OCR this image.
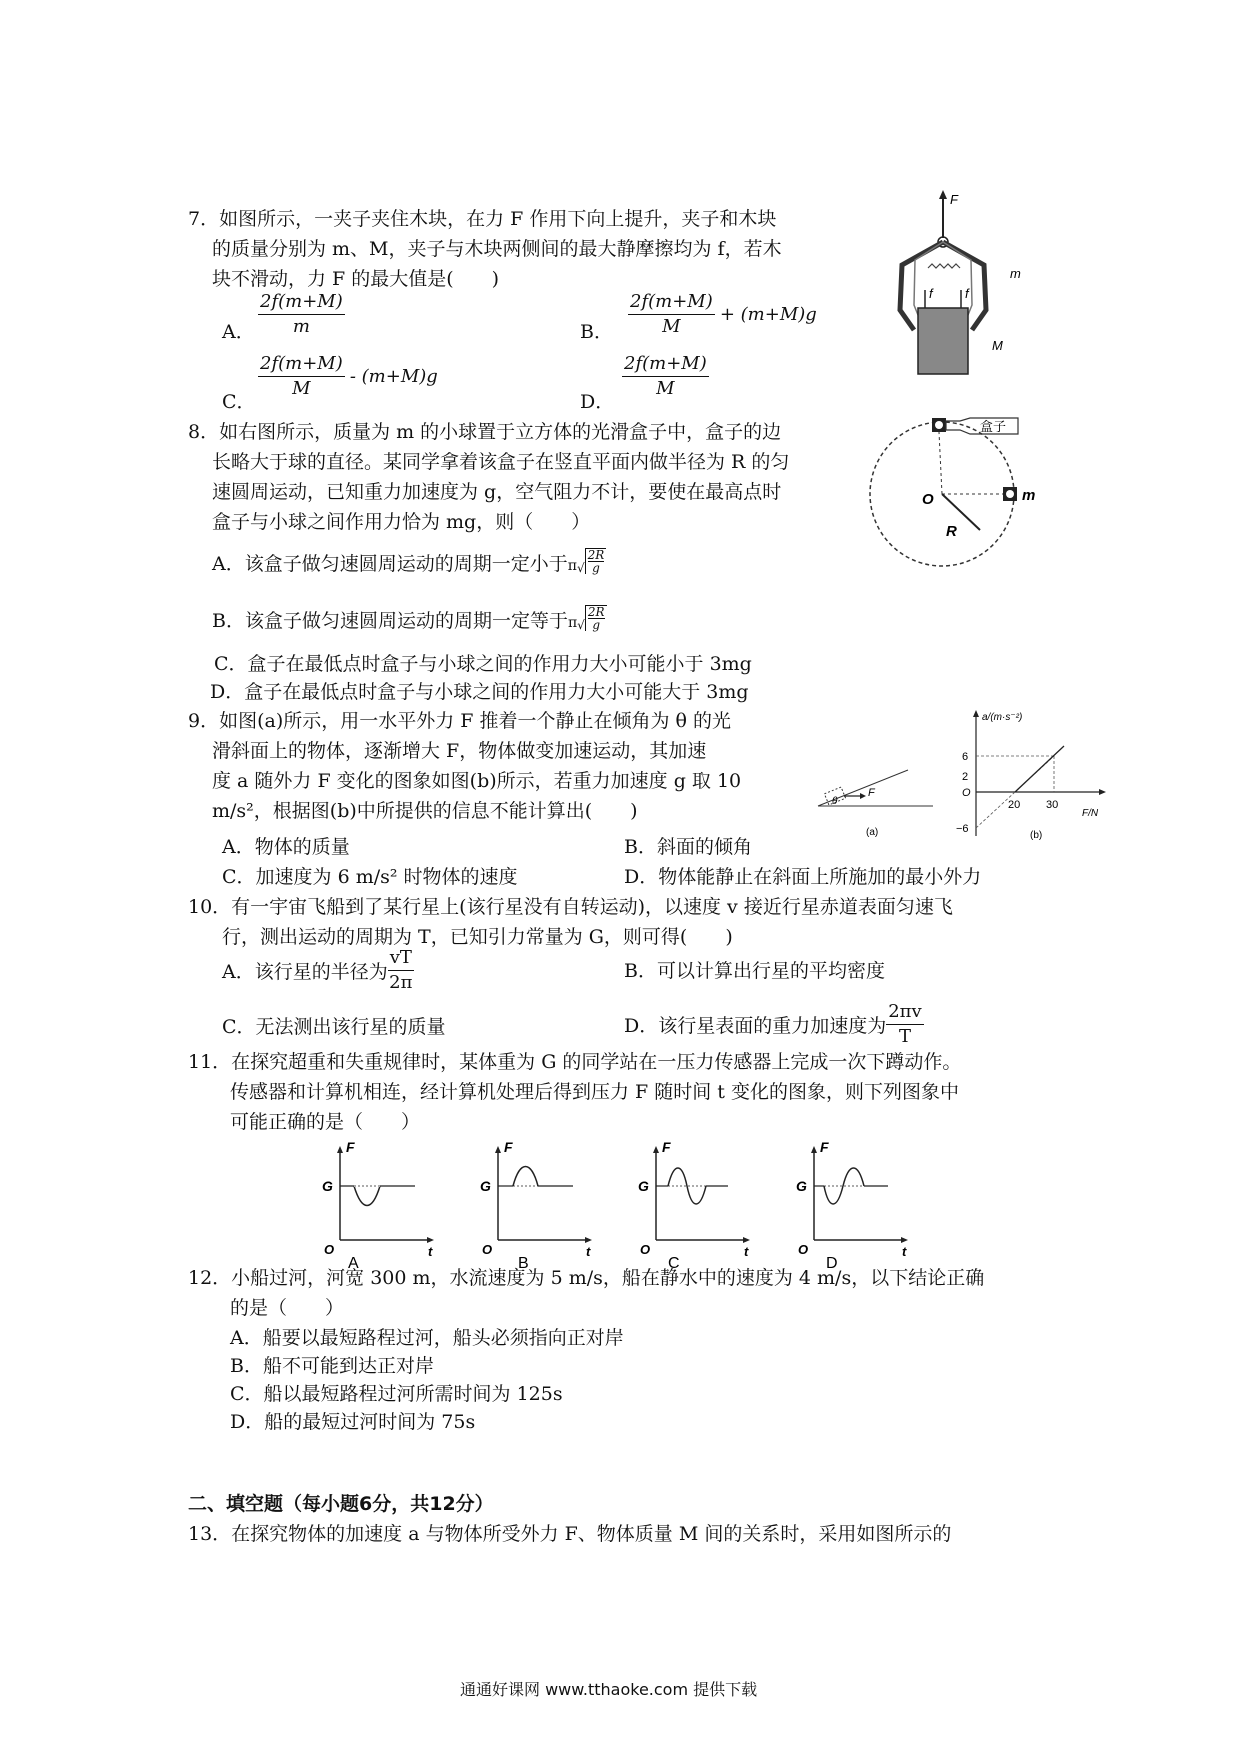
7．如图所示，一夹子夹住木块，在力 F 作用下向上提升，夹子和木块
的质量分别为 m、M，夹子与木块两侧间的最大静摩擦均为 f，若木
块不滑动，力 F 的最大值是(　　)
A． $\frac{2f(m+M)}{m}$	B． $\frac{2f(m+M)}{M} + (m+M)g$
C．
$\frac{2f(m+M)}{M} - (m+M)g$
D．
$\frac{2f(m+M)}{M}$
F
f f
m
M
8．如右图所示，质量为 m 的小球置于立方体的光滑盒子中，盒子的边
长略大于球的直径。某同学拿着该盒子在竖直平面内做半径为 R 的匀
速圆周运动，已知重力加速度为 g，空气阻力不计，要使在最高点时
盒子与小球之间作用力恰为 mg，则（　　）
A．该盒子做匀速圆周运动的周期一定小于$\pi√ \frac{2R}{g}$
B．该盒子做匀速圆周运动的周期一定等于$\pi√ \frac{2R}{g}$
C．盒子在最低点时盒子与小球之间的作用力大小可能小于 3mg
D．盒子在最低点时盒子与小球之间的作用力大小可能大于 3mg
盒子
m
O
R
9．如图(a)所示，用一水平外力 F 推着一个静止在倾角为 θ 的光
滑斜面上的物体，逐渐增大 F，物体做变加速运动，其加速
度 a 随外力 F 变化的图象如图(b)所示，若重力加速度 g 取 10
m/s²，根据图(b)中所提供的信息不能计算出(　　)
A．物体的质量	B．斜面的倾角
C．加速度为 6 m/s² 时物体的速度	D．物体能静止在斜面上所施加的最小外力
F
θ
(a)
a/(m·s⁻²)
F/N
6
2
O
−6
20 30
(b)
10．有一宇宙飞船到了某行星上(该行星没有自转运动)，以速度 v 接近行星赤道表面匀速飞
行，测出运动的周期为 T，已知引力常量为 G，则可得(　　)
A．该行星的半径为 $\frac{vT}{2\pi}$	B．可以计算出行星的平均密度
C．无法测出该行星的质量	D．该行星表面的重力加速度为 $\frac{2\pi v}{T}$
11．在探究超重和失重规律时，某体重为 G 的同学站在一压力传感器上完成一次下蹲动作。
传感器和计算机相连，经计算机处理后得到压力 F 随时间 t 变化的图象，则下列图象中
可能正确的是（　　）
F
G
O	t
A
F
G
O	t
B
F
G
O	t
C
F
G
O	t
D
12．小船过河，河宽 300 m，水流速度为 5 m/s，船在静水中的速度为 4 m/s，以下结论正确
的是（　　）
A．船要以最短路程过河，船头必须指向正对岸
B．船不可能到达正对岸
C．船以最短路程过河所需时间为 125s
D．船的最短过河时间为 75s
二、填空题（每小题6分，共12分）
13．在探究物体的加速度 a 与物体所受外力 F、物体质量 M 间的关系时，采用如图所示的
通通好课网 www.tthaoke.com 提供下载
